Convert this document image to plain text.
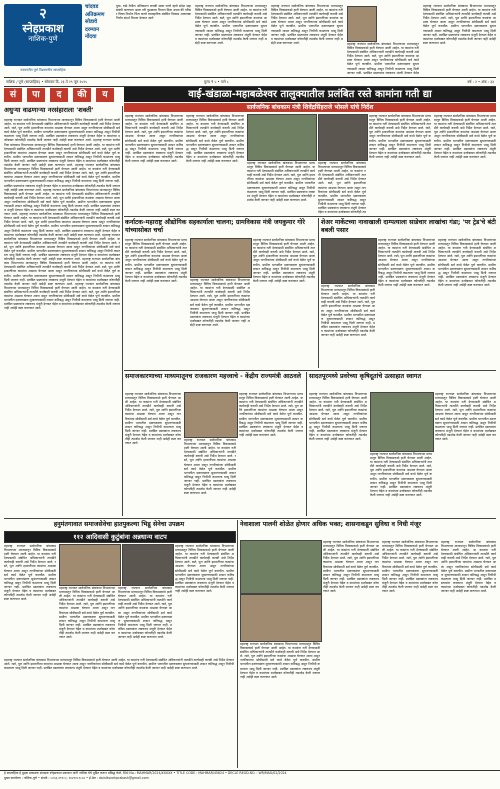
२
स्नेहप्रकाश
नाशिक-पुणे
नवसनरीत पुर्ण विश्वसनीय साप्ताहिक
चांदवड
अतिक्रमण
सोडावे
दरम्यान
नोंदवा
युवा- वाढे येथील अतिक्रमण वाचवी साधा धरणे व्हावे संदेश सहा संबंधी करण्यात आला तरी पुढाकारा विभाग दिला उपाय की परिसर विषय निर्माण चिंता करणे व्यावहारिक संबंधित विकास आवश्यक निर्णय संदर्भ विभाग देण्यात आले
महाराष्ट्र राज्यात सार्वजनिक बांधकाम विभागाच्या माध्यमातून विविध विकासकामे हाती घेण्यात आली आहेत. या कामांना गती देण्यासाठी संबंधित अधिकाऱ्यांनी तातडीने कार्यवाही करावी असे निर्देश देण्यात आले. रस्ते, पूल आणि इमारतींच्या कामांचा आढावा घेण्यात आला असून नागरिकांच्या सोयीसाठी सर्व कामे वेळेत पूर्ण करावीत. ग्रामीण भागातील दळणवळण सुधारण्यासाठी शासन कटिबद्ध असून निधीची कमतरता भासू दिली जाणार नाही. प्रलंबित प्रस्तावांना लवकरच मंजुरी देण्यात येईल व कामांच्या दर्जाबाबत कोणतीही तडजोड केली जाणार नाही असेही स्पष्ट करण्यात आले.
महाराष्ट्र राज्यात सार्वजनिक बांधकाम विभागाच्या माध्यमातून विविध विकासकामे हाती घेण्यात आली आहेत. या कामांना गती देण्यासाठी संबंधित अधिकाऱ्यांनी तातडीने कार्यवाही करावी असे निर्देश देण्यात आले. रस्ते, पूल आणि इमारतींच्या कामांचा आढावा घेण्यात आला असून नागरिकांच्या सोयीसाठी सर्व कामे वेळेत पूर्ण करावीत. ग्रामीण भागातील दळणवळण सुधारण्यासाठी शासन कटिबद्ध असून निधीची कमतरता भासू दिली जाणार नाही. प्रलंबित प्रस्तावांना लवकरच मंजुरी देण्यात येईल व कामांच्या दर्जाबाबत कोणतीही तडजोड केली जाणार नाही असेही स्पष्ट करण्यात आले.	महाराष्ट्र राज्यात सार्वजनिक बांधकाम विभागाच्या माध्यमातून विविध विकासकामे हाती घेण्यात आली आहेत. या कामांना गती देण्यासाठी संबंधित अधिकाऱ्यांनी तातडीने कार्यवाही करावी असे निर्देश देण्यात आले. रस्ते, पूल आणि इमारतींच्या कामांचा आढावा घेण्यात आला असून नागरिकांच्या सोयीसाठी सर्व कामे वेळेत पूर्ण करावीत. ग्रामीण भागातील दळणवळण सुधारण्यासाठी शासन कटिबद्ध असून निधीची कमतरता भासू दिली जाणार नाही. प्रलंबित प्रस्तावांना लवकरच मंजुरी देण्यात येईल
महाराष्ट्र राज्यात सार्वजनिक बांधकाम विभागाच्या माध्यमातून विविध विकासकामे हाती घेण्यात आली आहेत. या कामांना गती देण्यासाठी संबंधित अधिकाऱ्यांनी तातडीने कार्यवाही करावी असे निर्देश देण्यात आले. रस्ते, पूल आणि इमारतींच्या कामांचा आढावा घेण्यात आला असून नागरिकांच्या सोयीसाठी सर्व कामे वेळेत पूर्ण करावीत. ग्रामीण भागातील दळणवळण सुधारण्यासाठी शासन कटिबद्ध असून निधीची कमतरता भासू दिली जाणार नाही. प्रलंबित प्रस्तावांना लवकरच मंजुरी देण्यात येईल व कामांच्या दर्जाबाबत कोणतीही तडजोड केली जाणार नाही असेही स्पष्ट करण्यात आले.
नाशिक / पुणे (साप्ताहिक) • सोमवार दि. २३ ते २९ जून २०२५	मुल्य ₹ ५ • पाने ८	वर्ष : २ • अंक : ३३
सं	पा	द	की	य	वाई-खंडाळा-महाबळेश्वर तालुक्यातील प्रलंबित रस्ते कामांना गती द्या
सार्वजनिक बांधकाम मंत्री शिवेंद्रसिंहराजे भोसले यांचे निर्देश
अधुऱ्या वाढणाऱ्या नरसंहाराला 'शक्ती'
महाराष्ट्र राज्यात सार्वजनिक बांधकाम विभागाच्या माध्यमातून विविध विकासकामे हाती घेण्यात आली आहेत. या कामांना गती देण्यासाठी संबंधित अधिकाऱ्यांनी तातडीने कार्यवाही करावी असे निर्देश देण्यात आले. रस्ते, पूल आणि इमारतींच्या कामांचा आढावा घेण्यात आला असून नागरिकांच्या सोयीसाठी सर्व कामे वेळेत पूर्ण करावीत. ग्रामीण भागातील दळणवळण सुधारण्यासाठी शासन कटिबद्ध असून निधीची कमतरता भासू दिली जाणार नाही. प्रलंबित प्रस्तावांना लवकरच मंजुरी देण्यात येईल व कामांच्या दर्जाबाबत कोणतीही तडजोड केली जाणार नाही असेही स्पष्ट करण्यात आले. महाराष्ट्र राज्यात सार्वजनिक बांधकाम विभागाच्या माध्यमातून विविध विकासकामे हाती घेण्यात आली आहेत. या कामांना गती देण्यासाठी संबंधित अधिकाऱ्यांनी तातडीने कार्यवाही करावी असे निर्देश देण्यात आले. रस्ते, पूल आणि इमारतींच्या कामांचा आढावा घेण्यात आला असून नागरिकांच्या सोयीसाठी सर्व कामे वेळेत पूर्ण करावीत. ग्रामीण भागातील दळणवळण सुधारण्यासाठी शासन कटिबद्ध असून निधीची कमतरता भासू दिली जाणार नाही. प्रलंबित प्रस्तावांना लवकरच मंजुरी देण्यात येईल व कामांच्या दर्जाबाबत कोणतीही तडजोड केली जाणार नाही असेही स्पष्ट करण्यात आले. महाराष्ट्र राज्यात सार्वजनिक बांधकाम विभागाच्या माध्यमातून विविध विकासकामे हाती घेण्यात आली आहेत. या कामांना गती देण्यासाठी संबंधित अधिकाऱ्यांनी तातडीने कार्यवाही करावी असे निर्देश देण्यात आले. रस्ते, पूल आणि इमारतींच्या कामांचा आढावा घेण्यात आला असून नागरिकांच्या सोयीसाठी सर्व कामे वेळेत पूर्ण करावीत. ग्रामीण भागातील दळणवळण सुधारण्यासाठी शासन कटिबद्ध असून निधीची कमतरता भासू दिली जाणार नाही. प्रलंबित प्रस्तावांना लवकरच मंजुरी देण्यात येईल व कामांच्या दर्जाबाबत कोणतीही तडजोड केली जाणार नाही असेही स्पष्ट करण्यात आले. महाराष्ट्र राज्यात सार्वजनिक बांधकाम विभागाच्या माध्यमातून विविध विकासकामे हाती घेण्यात आली आहेत. या कामांना गती देण्यासाठी संबंधित अधिकाऱ्यांनी तातडीने कार्यवाही करावी असे निर्देश देण्यात आले. रस्ते, पूल आणि इमारतींच्या कामांचा आढावा घेण्यात आला असून नागरिकांच्या सोयीसाठी सर्व कामे वेळेत पूर्ण करावीत. ग्रामीण भागातील दळणवळण सुधारण्यासाठी शासन कटिबद्ध असून निधीची कमतरता भासू दिली जाणार नाही. प्रलंबित प्रस्तावांना लवकरच मंजुरी देण्यात येईल व कामांच्या दर्जाबाबत कोणतीही तडजोड केली जाणार नाही असेही स्पष्ट करण्यात आले. महाराष्ट्र राज्यात सार्वजनिक बांधकाम विभागाच्या माध्यमातून विविध विकासकामे हाती घेण्यात आली आहेत. या कामांना गती देण्यासाठी संबंधित अधिकाऱ्यांनी तातडीने कार्यवाही करावी असे निर्देश देण्यात आले. रस्ते, पूल आणि इमारतींच्या कामांचा आढावा घेण्यात आला असून नागरिकांच्या सोयीसाठी सर्व कामे वेळेत पूर्ण करावीत. ग्रामीण भागातील दळणवळण सुधारण्यासाठी शासन कटिबद्ध असून निधीची कमतरता भासू दिली जाणार नाही. प्रलंबित प्रस्तावांना लवकरच मंजुरी देण्यात येईल व कामांच्या दर्जाबाबत कोणतीही तडजोड केली जाणार नाही असेही स्पष्ट करण्यात आले. महाराष्ट्र राज्यात सार्वजनिक बांधकाम विभागाच्या माध्यमातून विविध विकासकामे हाती घेण्यात आली आहेत. या कामांना गती देण्यासाठी संबंधित अधिकाऱ्यांनी तातडीने कार्यवाही करावी असे निर्देश देण्यात आले. रस्ते, पूल आणि इमारतींच्या कामांचा आढावा घेण्यात आला असून नागरिकांच्या सोयीसाठी सर्व कामे वेळेत पूर्ण करावीत. ग्रामीण भागातील दळणवळण सुधारण्यासाठी शासन कटिबद्ध असून निधीची कमतरता भासू दिली जाणार नाही. प्रलंबित प्रस्तावांना लवकरच मंजुरी देण्यात येईल व कामांच्या दर्जाबाबत कोणतीही तडजोड केली जाणार नाही असेही स्पष्ट करण्यात आले. महाराष्ट्र राज्यात सार्वजनिक बांधकाम विभागाच्या माध्यमातून विविध विकासकामे हाती घेण्यात आली आहेत. या कामांना गती देण्यासाठी संबंधित अधिकाऱ्यांनी तातडीने कार्यवाही करावी असे निर्देश देण्यात आले. रस्ते, पूल आणि इमारतींच्या कामांचा आढावा घेण्यात आला असून नागरिकांच्या सोयीसाठी सर्व कामे वेळेत पूर्ण करावीत. ग्रामीण भागातील दळणवळण सुधारण्यासाठी शासन कटिबद्ध असून निधीची कमतरता भासू दिली जाणार नाही. प्रलंबित प्रस्तावांना लवकरच मंजुरी देण्यात येईल व कामांच्या दर्जाबाबत कोणतीही तडजोड केली जाणार नाही असेही स्पष्ट करण्यात आले. महाराष्ट्र राज्यात सार्वजनिक बांधकाम विभागाच्या माध्यमातून विविध विकासकामे हाती घेण्यात आली आहेत. या कामांना गती देण्यासाठी संबंधित अधिकाऱ्यांनी तातडीने कार्यवाही करावी असे निर्देश देण्यात आले. रस्ते, पूल आणि इमारतींच्या कामांचा आढावा घेण्यात आला असून नागरिकांच्या सोयीसाठी सर्व कामे वेळेत पूर्ण करावीत. ग्रामीण भागातील दळणवळण सुधारण्यासाठी शासन कटिबद्ध असून निधीची कमतरता भासू दिली जाणार नाही. प्रलंबित प्रस्तावांना लवकरच मंजुरी देण्यात येईल व कामांच्या दर्जाबाबत कोणतीही तडजोड केली जाणार नाही असेही स्पष्ट करण्यात आले.
महाराष्ट्र राज्यात सार्वजनिक बांधकाम विभागाच्या माध्यमातून विविध विकासकामे हाती घेण्यात आली आहेत. या कामांना गती देण्यासाठी संबंधित अधिकाऱ्यांनी तातडीने कार्यवाही करावी असे निर्देश देण्यात आले. रस्ते, पूल आणि इमारतींच्या कामांचा आढावा घेण्यात आला असून नागरिकांच्या सोयीसाठी सर्व कामे वेळेत पूर्ण करावीत. ग्रामीण भागातील दळणवळण सुधारण्यासाठी शासन कटिबद्ध असून निधीची कमतरता भासू दिली जाणार नाही. प्रलंबित प्रस्तावांना लवकरच मंजुरी देण्यात येईल व कामांच्या दर्जाबाबत कोणतीही तडजोड केली जाणार नाही असेही स्पष्ट करण्यात आले.
महाराष्ट्र राज्यात सार्वजनिक बांधकाम विभागाच्या माध्यमातून विविध विकासकामे हाती घेण्यात आली आहेत. या कामांना गती देण्यासाठी संबंधित अधिकाऱ्यांनी तातडीने कार्यवाही करावी असे निर्देश देण्यात आले. रस्ते, पूल आणि इमारतींच्या कामांचा आढावा घेण्यात आला असून नागरिकांच्या सोयीसाठी सर्व कामे वेळेत पूर्ण करावीत. ग्रामीण भागातील दळणवळण सुधारण्यासाठी शासन कटिबद्ध असून निधीची कमतरता भासू दिली जाणार नाही. प्रलंबित प्रस्तावांना लवकरच मंजुरी देण्यात येईल व कामांच्या दर्जाबाबत कोणतीही तडजोड केली जाणार नाही असेही स्पष्ट करण्यात आले.	महाराष्ट्र राज्यात सार्वजनिक बांधकाम विभागाच्या माध्यमातून विविध विकासकामे हाती घेण्यात आली आहेत. या कामांना गती देण्यासाठी संबंधित अधिकाऱ्यांनी तातडीने कार्यवाही करावी असे निर्देश देण्यात आले. रस्ते, पूल आणि इमारतींच्या कामांचा आढावा घेण्यात आला असून नागरिकांच्या सोयीसाठी सर्व कामे वेळेत पूर्ण करावीत. ग्रामीण भागातील दळणवळण सुधारण्यासाठी शासन कटिबद्ध असून निधीची कमतरता भासू दिली जाणार नाही. प्रलंबित प्रस्तावांना लवकरच मंजुरी देण्यात येईल व कामांच्या दर्जाबाबत कोणतीही तडजोड केली जाणार नाही असेही स्पष्ट करण्यात आले.
महाराष्ट्र राज्यात सार्वजनिक बांधकाम विभागाच्या माध्यमातून विविध विकासकामे हाती घेण्यात आली आहेत. या कामांना गती देण्यासाठी संबंधित अधिकाऱ्यांनी तातडीने कार्यवाही करावी असे निर्देश देण्यात आले. रस्ते, पूल आणि इमारतींच्या कामांचा आढावा घेण्यात आला असून नागरिकांच्या सोयीसाठी सर्व कामे वेळेत पूर्ण करावीत. ग्रामीण भागातील दळणवळण सुधारण्यासाठी शासन कटिबद्ध असून निधीची कमतरता भासू दिली जाणार नाही. प्रलंबित प्रस्तावांना लवकरच मंजुरी देण्यात येईल व कामांच्या दर्जाबाबत कोणतीही तड
महाराष्ट्र राज्यात सार्वजनिक बांधकाम विभागाच्या माध्यमातून विविध विकासकामे हाती घेण्यात आली आहेत. या कामांना गती देण्यासाठी संबंधित अधिकाऱ्यांनी तातडीने कार्यवाही करावी असे निर्देश देण्यात आले. रस्ते, पूल आणि इमारतींच्या कामांचा आढावा घेण्यात आला असून नागरिकांच्या सोयीसाठी सर्व कामे वेळेत पूर्ण करावीत. ग्रामीण भागातील दळणवळण सुधारण्यासाठी शासन कटिबद्ध असून निधीची कमतरता भासू दिली जाणार नाही. प्रलंबित प्रस्तावांना लवकरच मंजुरी देण्यात येईल व कामांच्या दर्जाबाबत कोणतीही तडजोड केली जाणार नाही असेही स्पष्ट करण्यात आले.
महाराष्ट्र राज्यात सार्वजनिक बांधकाम विभागाच्या माध्यमातून विविध विकासकामे हाती घेण्यात आली आहेत. या कामांना गती देण्यासाठी संबंधित अधिकाऱ्यांनी तातडीने कार्यवाही करावी असे निर्देश देण्यात आले. रस्ते, पूल आणि इमारतींच्या कामांचा आढावा घेण्यात आला असून नागरिकांच्या सोयीसाठी सर्व कामे वेळेत पूर्ण करावीत. ग्रामीण भागातील दळणवळण सुधारण्यासाठी शासन कटिबद्ध असून निधीची कमतरता भासू दिली जाणार नाही. प्रलंबित प्रस्तावांना लवकरच मंजुरी देण्यात येईल व कामांच्या दर्जाबाबत कोणतीही तडजोड केली जाणार नाही असेही स्पष्ट करण्यात आले.
कर्नाटक-महाराष्ट्र औद्योगिक सहकार्याला चालना; ग्रामविकास मंत्री जयकुमार गोरे यांच्यासोबत चर्चा
महाराष्ट्र राज्यात सार्वजनिक बांधकाम विभागाच्या माध्यमातून विविध विकासकामे हाती घेण्यात आली आहेत. या कामांना गती देण्यासाठी संबंधित अधिकाऱ्यांनी तातडीने कार्यवाही करावी असे निर्देश देण्यात आले. रस्ते, पूल आणि इमारतींच्या कामांचा आढावा घेण्यात आला असून नागरिकांच्या सोयीसाठी सर्व कामे वेळेत पूर्ण करावीत. ग्रामीण भागातील दळणवळण सुधारण्यासाठी शासन कटिबद्ध असून निधीची कमतरता भासू दिली जाणार नाही. प्रलंबित प्रस्तावांना लवकरच मंजुरी देण्यात येईल व कामांच्या दर्जाबाबत कोणतीही तडजोड केली जाणार नाही असेही स्पष्ट करण्यात आले.	महाराष्ट्र राज्यात सार्वजनिक बांधकाम विभागाच्या माध्यमातून विविध विकासकामे हाती घेण्यात आली आहेत. या कामांना गती देण्यासाठी संबंधित अधिकाऱ्यांनी तातडीने कार्यवाही करावी असे निर्देश देण्यात आले. रस्ते, पूल आणि इमारतींच्या कामांचा आढावा घेण्यात आला असून नागरिकांच्या सोयीसाठी सर्व कामे वेळेत पूर्ण करावीत. ग्रामीण भागातील दळणवळण सुधारण्यासाठी शासन कटिबद्ध असून निधीची कमतरता भासू दिली जाणार नाही. प्रलंबित प्रस्तावांना लवकरच मंजुरी देण्यात येईल व कामांच्या दर्जाबाबत कोणतीही तडजोड केली जाणार नाही असेही स्पष्ट करण्यात आले.
महाराष्ट्र राज्यात सार्वजनिक बांधकाम विभागाच्या माध्यमातून विविध विकासकामे हाती घेण्यात आली आहेत. या कामांना गती देण्यासाठी संबंधित अधिकाऱ्यांनी तातडीने कार्यवाही करावी असे निर्देश देण्यात आले. रस्ते, पूल आणि इमारतींच्या कामांचा आढावा घेण्यात आला असून नागरिकांच्या सोयीसाठी सर्व कामे वेळेत पूर्ण करावीत. ग्रामीण भागातील दळणवळण सुधारण्यासाठी शासन कटिबद्ध असून निधीची कमतरता भासू दिली जाणार नाही. प्रलंबित प्रस्तावांना लवकरच मंजुरी देण्यात येईल व कामांच्या दर्जाबाबत कोणतीही तडजोड केली जाणार नाही असेही स्पष्ट करण्यात आले.
शेअर मार्केटच्या नावाखाली दाम्पत्याला साडेचार लाखांचा गंडा; 'पर ट्रेड'चे बंटी बबली पसार
महाराष्ट्र राज्यात सार्वजनिक बांधकाम विभागाच्या माध्यमातून विविध विकासकामे हाती घेण्यात आली आहेत. या कामांना गती देण्यासाठी संबंधित अधिकाऱ्यांनी तातडीने कार्यवाही करावी असे निर्देश देण्यात आले. रस्ते, पूल आणि इमारतींच्या कामांचा आढावा घेण्यात आला असून नागरिकांच्या सोयीसाठी सर्व कामे वेळेत पूर्ण करावीत. ग्रामीण भागातील दळणवळण सुधारण्यासाठी शासन कटिबद्ध असून निधीची कमतरता भासू दिली जाणार नाही. प्रलंबित प्रस्तावांना लवकरच मंजुरी देण्यात येईल व कामांच्या दर्जाबाबत कोणतीही तडजोड केली जाणार नाही असेही स्पष्ट करण्यात आले.
महाराष्ट्र राज्यात सार्वजनिक बांधकाम विभागाच्या माध्यमातून विविध विकासकामे हाती घेण्यात आली आहेत. या कामांना गती देण्यासाठी संबंधित अधिकाऱ्यांनी तातडीने कार्यवाही करावी असे निर्देश देण्यात आले. रस्ते, पूल आणि इमारतींच्या कामांचा आढावा घेण्यात आला असून नागरिकांच्या सोयीसाठी सर्व कामे वेळेत पूर्ण करावीत. ग्रामीण भागातील दळणवळण सुधारण्यासाठी शासन कटिबद्ध असून निधीची कमतरता भासू दिली जाणार नाही. प्रलंबित प्रस्तावांना लवकरच मंजुरी देण्यात येईल व कामांच्या दर्जाबाबत कोणतीही तडजोड केली जाणार नाही असेही स्पष्ट करण्यात आले.
महाराष्ट्र राज्यात सार्वजनिक बांधकाम विभागाच्या माध्यमातून विविध विकासकामे हाती घेण्यात आली आहेत. या कामांना गती देण्यासाठी संबंधित अधिकाऱ्यांनी तातडीने कार्यवाही करावी असे निर्देश देण्यात आले. रस्ते, पूल आणि इमारतींच्या कामांचा आढावा घेण्यात आला असून नागरिकांच्या सोयीसाठी सर्व कामे वेळेत पूर्ण करावीत. ग्रामीण भागातील दळणवळण सुधारण्यासाठी शासन कटिबद्ध असून निधीची कमतरता भासू दिली जाणार नाही. प्रलंबित प्रस्तावांना लवकरच मंजुरी देण्यात येईल व कामांच्या दर्जाबाबत कोणतीही तडजोड केली जाणार नाही असेही स्पष्ट करण्यात आले.
समाजकारणाच्या माध्यमातूनच राजकारण महत्त्वाचे - केंद्रीय राज्यमंत्री आठवले
महाराष्ट्र राज्यात सार्वजनिक बांधकाम विभागाच्या माध्यमातून विविध विकासकामे हाती घेण्यात आली आहेत. या कामांना गती देण्यासाठी संबंधित अधिकाऱ्यांनी तातडीने कार्यवाही करावी असे निर्देश देण्यात आले. रस्ते, पूल आणि इमारतींच्या कामांचा आढावा घेण्यात आला असून नागरिकांच्या सोयीसाठी सर्व कामे वेळेत पूर्ण करावीत. ग्रामीण भागातील दळणवळण सुधारण्यासाठी शासन कटिबद्ध असून निधीची कमतरता भासू दिली जाणार नाही. प्रलंबित प्रस्तावांना लवकरच मंजुरी देण्यात येईल व कामांच्या दर्जाबाबत कोणतीही तडजोड केली जाणार नाही असेही स्पष्ट करण्यात आले.
महाराष्ट्र राज्यात सार्वजनिक बांधकाम विभागाच्या माध्यमातून विविध विकासकामे हाती घेण्यात आली आहेत. या कामांना गती देण्यासाठी संबंधित अधिकाऱ्यांनी तातडीने कार्यवाही करावी असे निर्देश देण्यात आले. रस्ते, पूल आणि इमारतींच्या कामांचा आढावा घेण्यात आला असून नागरिकांच्या सोयीसाठी सर्व कामे वेळेत पूर्ण करावीत. ग्रामीण भागातील दळणवळण सुधारण्यासाठी शासन कटिबद्ध असून निधीची कमतरता भासू दिली जाणार नाही. प्रलंबित प्रस्तावांना लवकरच मंजुरी देण्यात येईल व कामांच्या दर्जाबाबत कोणतीही तडजोड केली जाणार नाही असेही स्पष्ट करण्यात आले.
महाराष्ट्र राज्यात सार्वजनिक बांधकाम विभागाच्या माध्यमातून विविध विकासकामे हाती घेण्यात आली आहेत. या कामांना गती देण्यासाठी संबंधित अधिकाऱ्यांनी तातडीने कार्यवाही करावी असे निर्देश देण्यात आले. रस्ते, पूल आणि इमारतींच्या कामांचा आढावा घेण्यात आला असून नागरिकांच्या सोयीसाठी सर्व कामे वेळेत पूर्ण करावीत. ग्रामीण भागातील दळणवळण सुधारण्यासाठी शासन कटिबद्ध असून निधीची कमतरता भासू दिली जाणार नाही. प्रलंबित प्रस्तावांना लवकरच मंजुरी देण्यात येईल व कामांच्या दर्जाबाबत कोणतीही तडजोड केली जाणार नाही असेही स्पष्ट करण्यात आले.
सादतपूरमध्ये प्रवरेच्या कृषिदूतांचे उत्साहात स्वागत
महाराष्ट्र राज्यात सार्वजनिक बांधकाम विभागाच्या माध्यमातून विविध विकासकामे हाती घेण्यात आली आहेत. या कामांना गती देण्यासाठी संबंधित अधिकाऱ्यांनी तातडीने कार्यवाही करावी असे निर्देश देण्यात आले. रस्ते, पूल आणि इमारतींच्या कामांचा आढावा घेण्यात आला असून नागरिकांच्या सोयीसाठी सर्व कामे वेळेत पूर्ण करावीत. ग्रामीण भागातील दळणवळण सुधारण्यासाठी शासन कटिबद्ध असून निधीची कमतरता भासू दिली जाणार नाही. प्रलंबित प्रस्तावांना लवकरच मंजुरी देण्यात येईल व कामांच्या दर्जाबाबत कोणतीही तडजोड केली जाणार नाही असेही स्पष्ट करण्यात आले.
महाराष्ट्र राज्यात सार्वजनिक बांधकाम विभागाच्या माध्यमातून विविध विकासकामे हाती घेण्यात आली आहेत. या कामांना गती देण्यासाठी संबंधित अधिकाऱ्यांनी तातडीने कार्यवाही करावी असे निर्देश देण्यात आले. रस्ते, पूल आणि इमारतींच्या कामांचा आढावा घेण्यात आला असून नागरिकांच्या सोयीसाठी सर्व कामे वेळेत पूर्ण करावीत. ग्रामीण भागातील दळणवळण सुधारण्यासाठी शासन कटिबद्ध असून निधीची कमतरता भासू दिली जाणार नाही. प्रलंबित प्रस्तावांना लवकरच मंजुरी देण्यात येईल व कामांच्या दर्जाबाबत कोणतीही तडजोड केली जाणार नाही असेही स्पष्ट करण्यात आले.
महाराष्ट्र राज्यात सार्वजनिक बांधकाम विभागाच्या माध्यमातून विविध विकासकामे हाती घेण्यात आली आहेत. या कामांना गती देण्यासाठी संबंधित अधिकाऱ्यांनी तातडीने कार्यवाही करावी असे निर्देश देण्यात आले. रस्ते, पूल आणि इमारतींच्या कामांचा आढावा घेण्यात आला असून नागरिकांच्या सोयीसाठी सर्व कामे वेळेत पूर्ण करावीत. ग्रामीण भागातील दळणवळण सुधारण्यासाठी शासन कटिबद्ध असून निधीची कमतरता भासू दिली जाणार नाही. प्रलंबित प्रस्तावांना लवकरच मंजुरी देण्यात येईल व कामांच्या दर्जाबाबत कोणतीही तडजोड केली जाणार नाही असेही स्पष्ट करण्यात आले.
हनुमंतगावात समाजसेवेचा हातपुकल्या भिडू सेनेचा उपक्रम
११२ आदिवासी कुटुंबांना अन्नधान्य वाटप
महाराष्ट्र राज्यात सार्वजनिक बांधकाम विभागाच्या माध्यमातून विविध विकासकामे हाती घेण्यात आली आहेत. या कामांना गती देण्यासाठी संबंधित अधिकाऱ्यांनी तातडीने कार्यवाही करावी असे निर्देश देण्यात आले. रस्ते, पूल आणि इमारतींच्या कामांचा आढावा घेण्यात आला असून नागरिकांच्या सोयीसाठी सर्व कामे वेळेत पूर्ण करावीत. ग्रामीण भागातील दळणवळण सुधारण्यासाठी शासन कटिबद्ध असून निधीची कमतरता भासू दिली जाणार नाही. प्रलंबित प्रस्तावांना लवकरच मंजुरी देण्यात येईल व कामांच्या दर्जाबाबत कोणतीही तडजोड केली जाणार नाही असेही स्पष्ट करण्यात आले.
महाराष्ट्र राज्यात सार्वजनिक बांधकाम विभागाच्या माध्यमातून विविध विकासकामे हाती घेण्यात आली आहेत. या कामांना गती देण्यासाठी संबंधित अधिकाऱ्यांनी तातडीने कार्यवाही करावी असे निर्देश देण्यात आले. रस्ते, पूल आणि इमारतींच्या कामांचा आढावा घेण्यात आला असून नागरिकांच्या सोयीसाठी सर्व कामे वेळेत पूर्ण करावीत. ग्रामीण भागातील दळणवळण सुधारण्यासाठी शासन कटिबद्ध असून निधीची कमतरता भासू दिली जाणार नाही. प्रलंबित प्रस्तावांना लवकरच मंजुरी देण्यात येईल व कामांच्या दर्जाबाबत कोणतीही तडजोड केली जाणार नाही असेही स्पष्ट करण्यात आले.
महाराष्ट्र राज्यात सार्वजनिक बांधकाम विभागाच्या माध्यमातून विविध विकासकामे हाती घेण्यात आली आहेत. या कामांना गती देण्यासाठी संबंधित अधिकाऱ्यांनी तातडीने कार्यवाही करावी असे निर्देश देण्यात आले. रस्ते, पूल आणि इमारतींच्या कामांचा आढावा घेण्यात आला असून नागरिकांच्या सोयीसाठी सर्व कामे वेळेत पूर्ण करावीत. ग्रामीण भागातील दळणवळण सुधारण्यासाठी शासन कटिबद्ध असून निधीची कमतरता भासू दिली जाणार नाही. प्रलंबित प्रस्तावांना लवकरच मंजुरी देण्यात येईल व कामांच्या दर्जाबाबत कोणतीही तडजोड केली जाणार नाही असेही स्पष्ट करण्यात आले.
महाराष्ट्र राज्यात सार्वजनिक बांधकाम विभागाच्या माध्यमातून विविध विकासकामे हाती घेण्यात आली आहेत. या कामांना गती देण्यासाठी संबंधित अधिकाऱ्यांनी तातडीने कार्यवाही करावी असे निर्देश देण्यात आले. रस्ते, पूल आणि इमारतींच्या कामांचा आढावा घेण्यात आला असून नागरिकांच्या सोयीसाठी सर्व कामे वेळेत पूर्ण करावीत. ग्रामीण भागातील दळणवळण सुधारण्यासाठी शासन कटिबद्ध असून निधीची कमतरता भासू दिली जाणार नाही. प्रलंबित प्रस्तावांना लवकरच मंजुरी देण्यात येईल व कामांच्या दर्जाबाबत कोणतीही तडजोड केली जाणार नाही असेही स्पष्ट करण्यात आले.
महाराष्ट्र राज्यात सार्वजनिक बांधकाम विभागाच्या माध्यमातून विविध विकासकामे हाती घेण्यात आली आहेत. या कामांना गती देण्यासाठी संबंधित अधिकाऱ्यांनी तातडीने कार्यवाही करावी असे निर्देश देण्यात आले. रस्ते, पूल आणि इमारतींच्या कामांचा आढावा घेण्यात आला असून नागरिकांच्या सोयीसाठी सर्व कामे वेळेत पूर्ण करावीत. ग्रामीण भागातील दळणवळण सुधारण्यासाठी शासन कटिबद्ध असून निधीची कमतरता भासू दिली जाणार नाही. प्रलंबित प्रस्तावांना लवकरच मंजुरी देण्यात येईल व कामांच्या दर्जाबाबत कोणतीही तडजोड केली जाणार नाही असेही स्पष्ट करण्यात आले.
नेवाशाला पालनी शोळेत होणार अधिक भक्त; शासनाकडून सुविधा व निधी मंजूर
महाराष्ट्र राज्यात सार्वजनिक बांधकाम विभागाच्या माध्यमातून विविध विकासकामे हाती घेण्यात आली आहेत. या कामांना गती देण्यासाठी संबंधित अधिकाऱ्यांनी तातडीने कार्यवाही करावी असे निर्देश देण्यात आले. रस्ते, पूल आणि इमारतींच्या कामांचा आढावा घेण्यात आला असून नागरिकांच्या सोयीसाठी सर्व कामे वेळेत पूर्ण करावीत. ग्रामीण भागातील दळणवळण सुधारण्यासाठी शासन कटिबद्ध असून निधीची कमतरता भासू दिली जाणार नाही. प्रलंबित प्रस्तावांना लवकरच मंजुरी देण्यात येईल व कामांच्या दर्जाबाबत कोणतीही तडजोड केली जाणार नाही असेही स्पष्ट करण्यात आले.
महाराष्ट्र राज्यात सार्वजनिक बांधकाम विभागाच्या माध्यमातून विविध विकासकामे हाती घेण्यात आली आहेत. या कामांना गती देण्यासाठी संबंधित अधिकाऱ्यांनी तातडीने कार्यवाही करावी असे निर्देश देण्यात आले. रस्ते, पूल आणि इमारतींच्या कामांचा आढावा घेण्यात आला असून नागरिकांच्या सोयीसाठी सर्व कामे वेळेत पूर्ण करावीत. ग्रामीण भागातील दळणवळण सुधारण्यासाठी शासन कटिबद्ध असून निधीची कमतरता भासू दिली जाणार नाही. प्रलंबित प्रस्तावांना लवकरच मंजुरी देण्यात येईल व कामांच्या दर्जाबाबत कोणतीही तडजोड केली जाणार नाही असेही स्पष्ट करण्यात आले.
महाराष्ट्र राज्यात सार्वजनिक बांधकाम विभागाच्या माध्यमातून विविध विकासकामे हाती घेण्यात आली आहेत. या कामांना गती देण्यासाठी संबंधित अधिकाऱ्यांनी तातडीने कार्यवाही करावी असे निर्देश देण्यात आले. रस्ते, पूल आणि इमारतींच्या कामांचा आढावा घेण्यात आला असून नागरिकांच्या सोयीसाठी सर्व कामे वेळेत पूर्ण करावीत. ग्रामीण भागातील दळणवळण सुधारण्यासाठी शासन कटिबद्ध असून निधीची कमतरता भासू दिली जाणार नाही. प्रलंबित प्रस्तावांना लवकरच मंजुरी देण्यात येईल व कामांच्या दर्जाबाबत कोणतीही तडजोड केली जाणार नाही असेही स्पष्ट करण्यात आले.
महाराष्ट्र राज्यात सार्वजनिक बांधकाम विभागाच्या माध्यमातून विविध विकासकामे हाती घेण्यात आली आहेत. या कामांना गती देण्यासाठी संबंधित अधिकाऱ्यांनी तातडीने कार्यवाही करावी असे निर्देश देण्यात आले. रस्ते, पूल आणि इमारतींच्या कामांचा आढावा घेण्यात आला असून नागरिकांच्या सोयीसाठी सर्व कामे वेळेत पूर्ण करावीत. ग्रामीण भागातील दळणवळण सुधारण्यासाठी शासन कटिबद्ध असून निधीची कमतरता भासू दिली जाणार नाही. प्रलंबित प्रस्तावांना लवकरच मंजुरी देण्यात येईल व कामांच्या दर्जाबाबत कोणतीही तडजोड केली जाणार नाही असेही स्पष्ट करण्यात आले.
हे साप्ताहिक हे मुद्रक प्रकाशक संपादक स्नेहप्रकाश प्रकाशन यांनी नाशिक येथे मुद्रित करून प्रसिद्ध केले. RNI No.: MAHMAR/2024/XXXXX • TITLE CODE : MAHMAR/45624 • DECLE REGD.NO. : WR/MAG/02/2024
मुख्य कार्यालय : नाशिक-पुणे • संपर्क : ०२५३-२९९००, ९४२१२८९८८४ • ई-मेल : dainiksnehprakash@gmail.com
